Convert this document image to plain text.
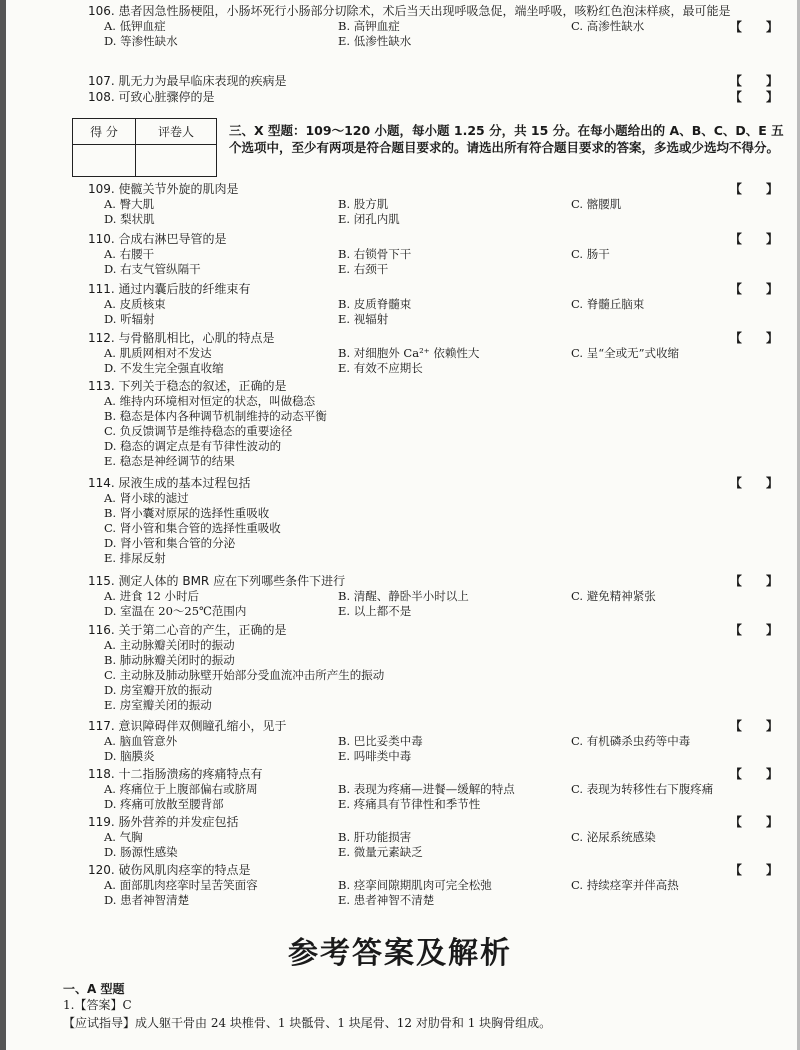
106. 患者因急性肠梗阻，小肠坏死行小肠部分切除术，术后当天出现呼吸急促，端坐呼吸，咳粉红色泡沫样痰，最可能是
【 】
A. 低钾血症	B. 高钾血症	C. 高渗性缺水
D. 等渗性缺水	E. 低渗性缺水
107. 肌无力为最早临床表现的疾病是	【 】
108. 可致心脏骤停的是	【 】
得 分	评卷人
		三、X 型题：109～120 小题，每小题 1.25 分，共 15 分。在每小题给出的 A、B、C、D、E 五个选项中，至少有两项是符合题目要求的。请选出所有符合题目要求的答案，多选或少选均不得分。
109. 使髋关节外旋的肌肉是	【 】
A. 臀大肌	B. 股方肌	C. 髂腰肌
D. 梨状肌	E. 闭孔内肌
110. 合成右淋巴导管的是	【 】
A. 右腰干	B. 右锁骨下干	C. 肠干
D. 右支气管纵隔干	E. 右颈干
111. 通过内囊后肢的纤维束有	【 】
A. 皮质核束	B. 皮质脊髓束	C. 脊髓丘脑束
D. 听辐射	E. 视辐射
112. 与骨骼肌相比，心肌的特点是	【 】
A. 肌质网相对不发达	B. 对细胞外 Ca²⁺ 依赖性大	C. 呈“全或无”式收缩
D. 不发生完全强直收缩	E. 有效不应期长
113. 下列关于稳态的叙述，正确的是
A. 维持内环境相对恒定的状态，叫做稳态
B. 稳态是体内各种调节机制维持的动态平衡
C. 负反馈调节是维持稳态的重要途径
D. 稳态的调定点是有节律性波动的
E. 稳态是神经调节的结果
114. 尿液生成的基本过程包括	【 】
A. 肾小球的滤过
B. 肾小囊对原尿的选择性重吸收
C. 肾小管和集合管的选择性重吸收
D. 肾小管和集合管的分泌
E. 排尿反射
115. 测定人体的 BMR 应在下列哪些条件下进行	【 】
A. 进食 12 小时后	B. 清醒、静卧半小时以上	C. 避免精神紧张
D. 室温在 20～25℃范围内	E. 以上都不是
116. 关于第二心音的产生，正确的是	【 】
A. 主动脉瓣关闭时的振动
B. 肺动脉瓣关闭时的振动
C. 主动脉及肺动脉壁开始部分受血流冲击所产生的振动
D. 房室瓣开放的振动
E. 房室瓣关闭的振动
117. 意识障碍伴双侧瞳孔缩小，见于	【 】
A. 脑血管意外	B. 巴比妥类中毒	C. 有机磷杀虫药等中毒
D. 脑膜炎	E. 吗啡类中毒
118. 十二指肠溃疡的疼痛特点有	【 】
A. 疼痛位于上腹部偏右或脐周	B. 表现为疼痛—进餐—缓解的特点	C. 表现为转移性右下腹疼痛
D. 疼痛可放散至腰背部	E. 疼痛具有节律性和季节性
119. 肠外营养的并发症包括	【 】
A. 气胸	B. 肝功能损害	C. 泌尿系统感染
D. 肠源性感染	E. 微量元素缺乏
120. 破伤风肌肉痉挛的特点是	【 】
A. 面部肌肉痉挛时呈苦笑面容	B. 痉挛间隙期肌肉可完全松弛	C. 持续痉挛并伴高热
D. 患者神智清楚	E. 患者神智不清楚
参考答案及解析
一、A 型题
1.【答案】C
【应试指导】成人躯干骨由 24 块椎骨、1 块骶骨、1 块尾骨、12 对肋骨和 1 块胸骨组成。
